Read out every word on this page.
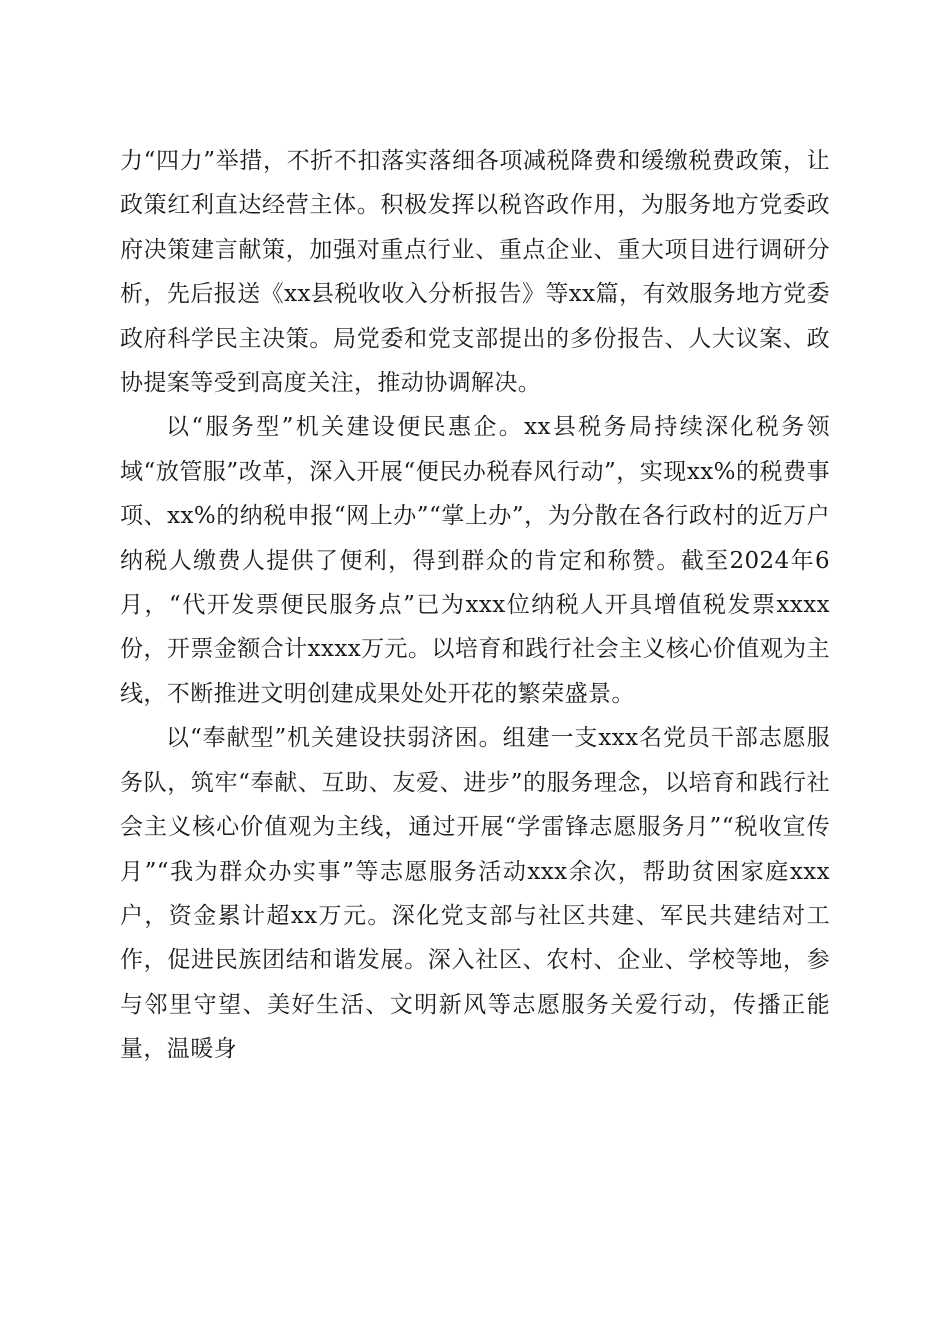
力“四力”举措，不折不扣落实落细各项减税降费和缓缴税费政策，让政策红利直达经营主体。积极发挥以税咨政作用，为服务地方党委政府决策建言献策，加强对重点行业、重点企业、重大项目进行调研分析，先后报送《xx县税收收入分析报告》等xx篇，有效服务地方党委政府科学民主决策。局党委和党支部提出的多份报告、人大议案、政协提案等受到高度关注，推动协调解决。

以“服务型”机关建设便民惠企。xx县税务局持续深化税务领域“放管服”改革，深入开展“便民办税春风行动”，实现xx%的税费事项、xx%的纳税申报“网上办”“掌上办”，为分散在各行政村的近万户纳税人缴费人提供了便利，得到群众的肯定和称赞。截至2024年6月，“代开发票便民服务点”已为xxx位纳税人开具增值税发票xxxx份，开票金额合计xxxx万元。以培育和践行社会主义核心价值观为主线，不断推进文明创建成果处处开花的繁荣盛景。

以“奉献型”机关建设扶弱济困。组建一支xxx名党员干部志愿服务队，筑牢“奉献、互助、友爱、进步”的服务理念，以培育和践行社会主义核心价值观为主线，通过开展“学雷锋志愿服务月”“税收宣传月”“我为群众办实事”等志愿服务活动xxx余次，帮助贫困家庭xxx户，资金累计超xx万元。深化党支部与社区共建、军民共建结对工作，促进民族团结和谐发展。深入社区、农村、企业、学校等地，参与邻里守望、美好生活、文明新风等志愿服务关爱行动，传播正能量，温暖身
